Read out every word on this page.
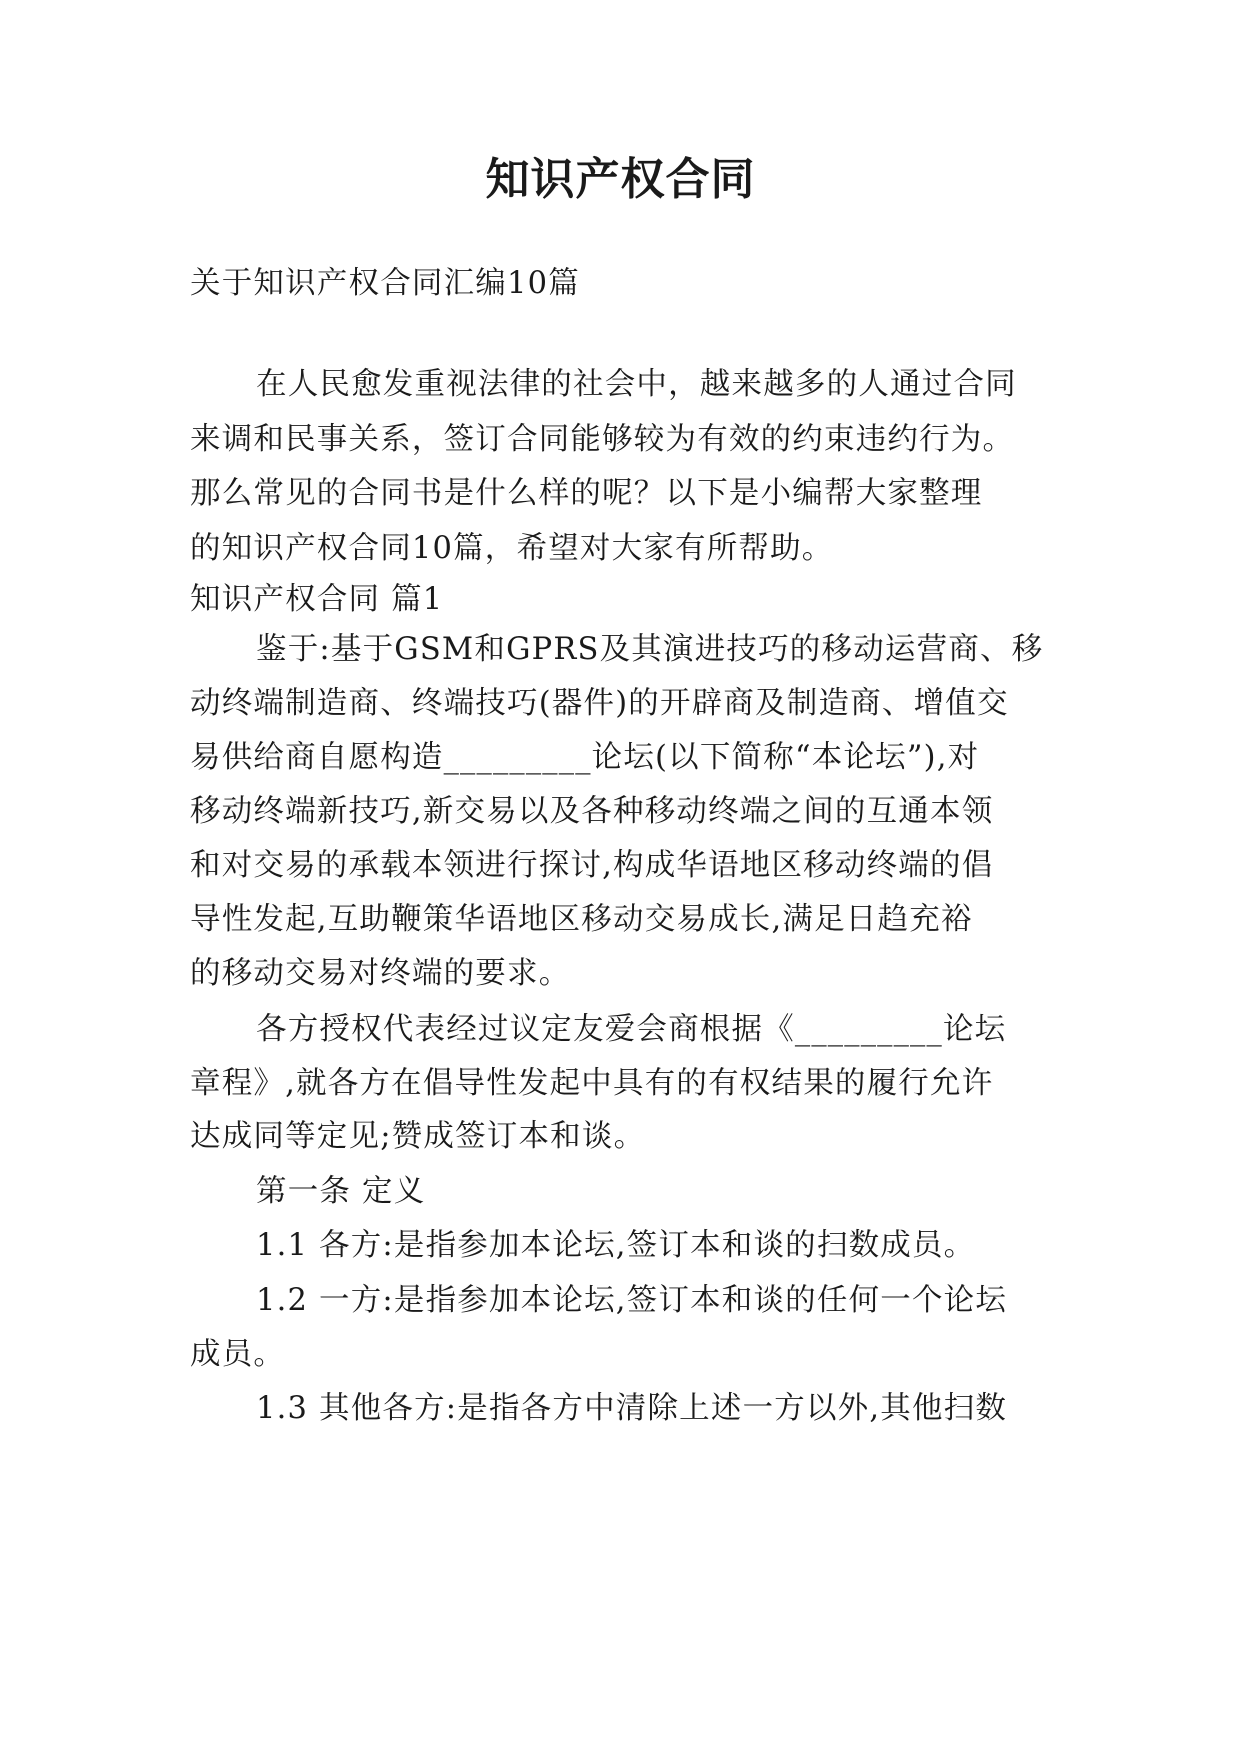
知识产权合同
关于知识产权合同汇编10篇
在人民愈发重视法律的社会中，越来越多的人通过合同
来调和民事关系，签订合同能够较为有效的约束违约行为。
那么常见的合同书是什么样的呢？以下是小编帮大家整理
的知识产权合同10篇，希望对大家有所帮助。
知识产权合同 篇1
鉴于:基于GSM和GPRS及其演进技巧的移动运营商、移
动终端制造商、终端技巧(器件)的开辟商及制造商、增值交
易供给商自愿构造_________论坛(以下简称“本论坛”),对
移动终端新技巧,新交易以及各种移动终端之间的互通本领
和对交易的承载本领进行探讨,构成华语地区移动终端的倡
导性发起,互助鞭策华语地区移动交易成长,满足日趋充裕
的移动交易对终端的要求。
各方授权代表经过议定友爱会商根据《_________论坛
章程》,就各方在倡导性发起中具有的有权结果的履行允许
达成同等定见;赞成签订本和谈。
第一条 定义
1.1 各方:是指参加本论坛,签订本和谈的扫数成员。
1.2 一方:是指参加本论坛,签订本和谈的任何一个论坛
成员。
1.3 其他各方:是指各方中清除上述一方以外,其他扫数
